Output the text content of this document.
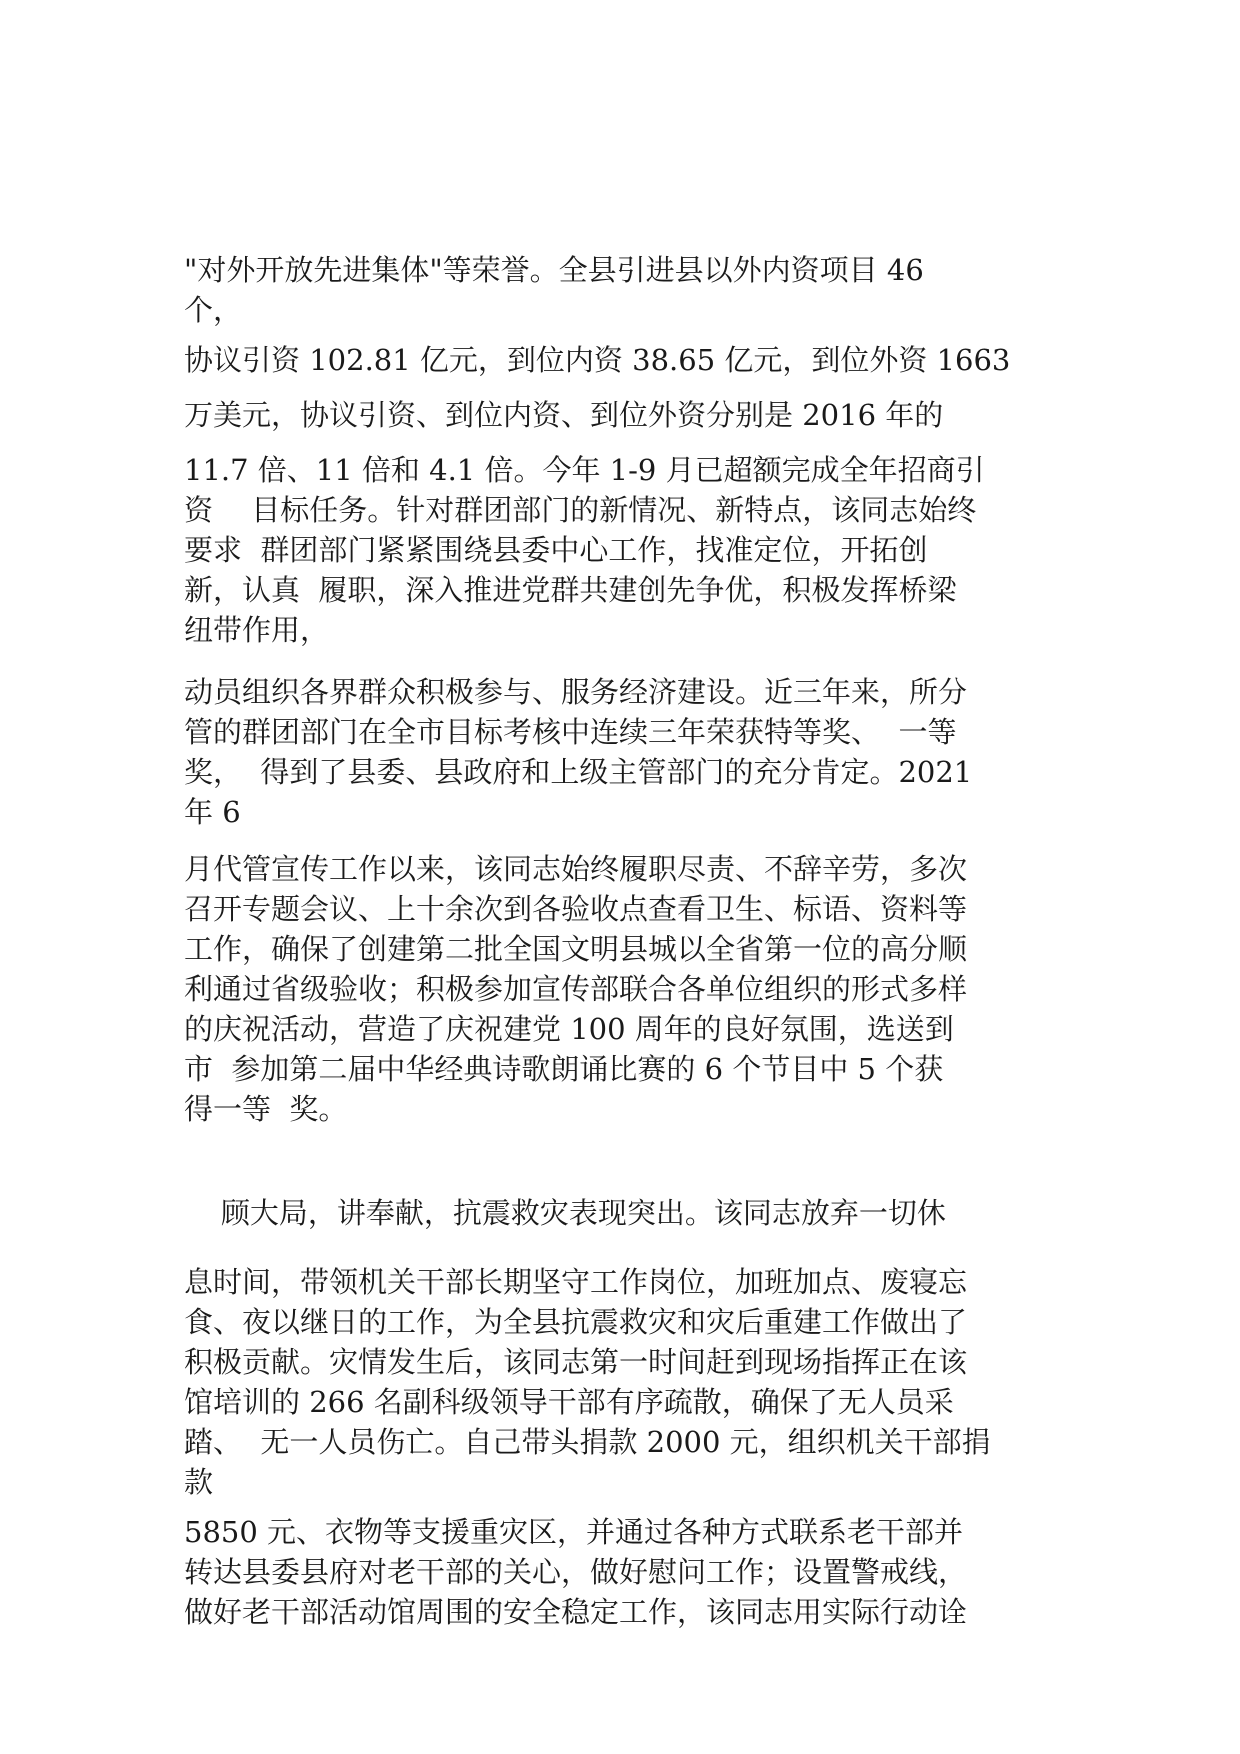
"对外开放先进集体"等荣誉。全县引进县以外内资项目 46
个，

协议引资 102.81 亿元，到位内资 38.65 亿元，到位外资 1663

万美元，协议引资、到位内资、到位外资分别是 2016 年的

11.7 倍、11 倍和 4.1 倍。今年 1-9 月已超额完成全年招商引
资　 目标任务。针对群团部门的新情况、新特点，该同志始终
要求  群团部门紧紧围绕县委中心工作，找准定位，开拓创
新，认真  履职，深入推进党群共建创先争优，积极发挥桥梁
纽带作用，

动员组织各界群众积极参与、服务经济建设。近三年来，所分
管的群团部门在全市目标考核中连续三年荣获特等奖、  一等
奖，  得到了县委、县政府和上级主管部门的充分肯定。2021
年 6

月代管宣传工作以来，该同志始终履职尽责、不辞辛劳，多次
召开专题会议、上十余次到各验收点查看卫生、标语、资料等
工作，确保了创建第二批全国文明县城以全省第一位的高分顺
利通过省级验收；积极参加宣传部联合各单位组织的形式多样
的庆祝活动，营造了庆祝建党 100 周年的良好氛围，选送到
市  参加第二届中华经典诗歌朗诵比赛的 6 个节目中 5 个获
得一等  奖。

顾大局，讲奉献，抗震救灾表现突出。该同志放弃一切休

息时间，带领机关干部长期坚守工作岗位，加班加点、废寝忘
食、夜以继日的工作，为全县抗震救灾和灾后重建工作做出了
积极贡献。灾情发生后，该同志第一时间赶到现场指挥正在该
馆培训的 266 名副科级领导干部有序疏散，确保了无人员采
踏、  无一人员伤亡。自己带头捐款 2000 元，组织机关干部捐
款

5850 元、衣物等支援重灾区，并通过各种方式联系老干部并
转达县委县府对老干部的关心，做好慰问工作；设置警戒线，
做好老干部活动馆周围的安全稳定工作，该同志用实际行动诠
